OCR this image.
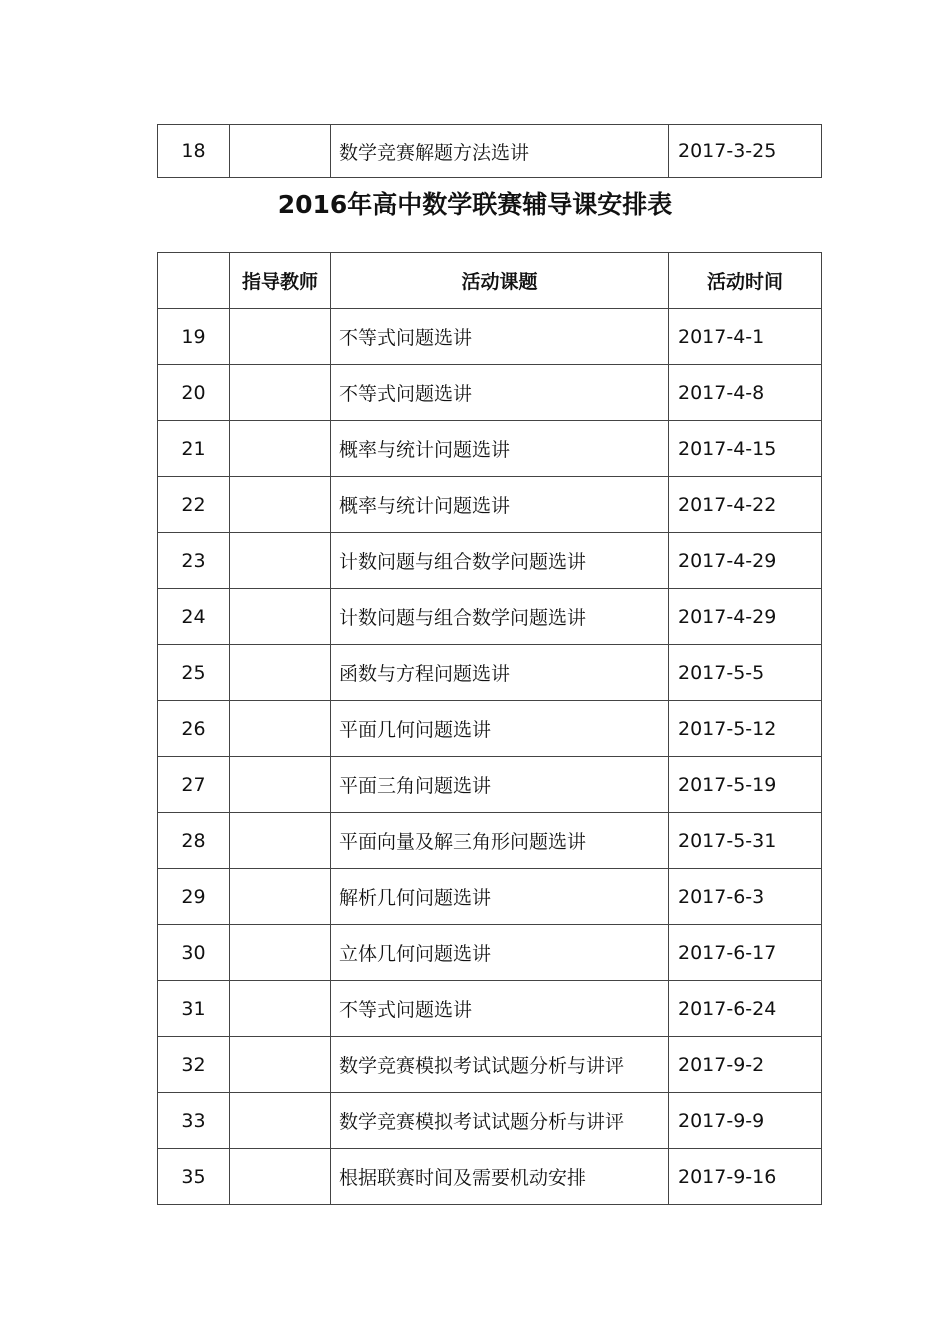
18		数学竞赛解题方法选讲	2017-3-25
2016年高中数学联赛辅导课安排表
	指导教师	活动课题	活动时间
19		不等式问题选讲	2017-4-1
20		不等式问题选讲	2017-4-8
21		概率与统计问题选讲	2017-4-15
22		概率与统计问题选讲	2017-4-22
23		计数问题与组合数学问题选讲	2017-4-29
24		计数问题与组合数学问题选讲	2017-4-29
25		函数与方程问题选讲	2017-5-5
26		平面几何问题选讲	2017-5-12
27		平面三角问题选讲	2017-5-19
28		平面向量及解三角形问题选讲	2017-5-31
29		解析几何问题选讲	2017-6-3
30		立体几何问题选讲	2017-6-17
31		不等式问题选讲	2017-6-24
32		数学竞赛模拟考试试题分析与讲评	2017-9-2
33		数学竞赛模拟考试试题分析与讲评	2017-9-9
35		根据联赛时间及需要机动安排	2017-9-16
